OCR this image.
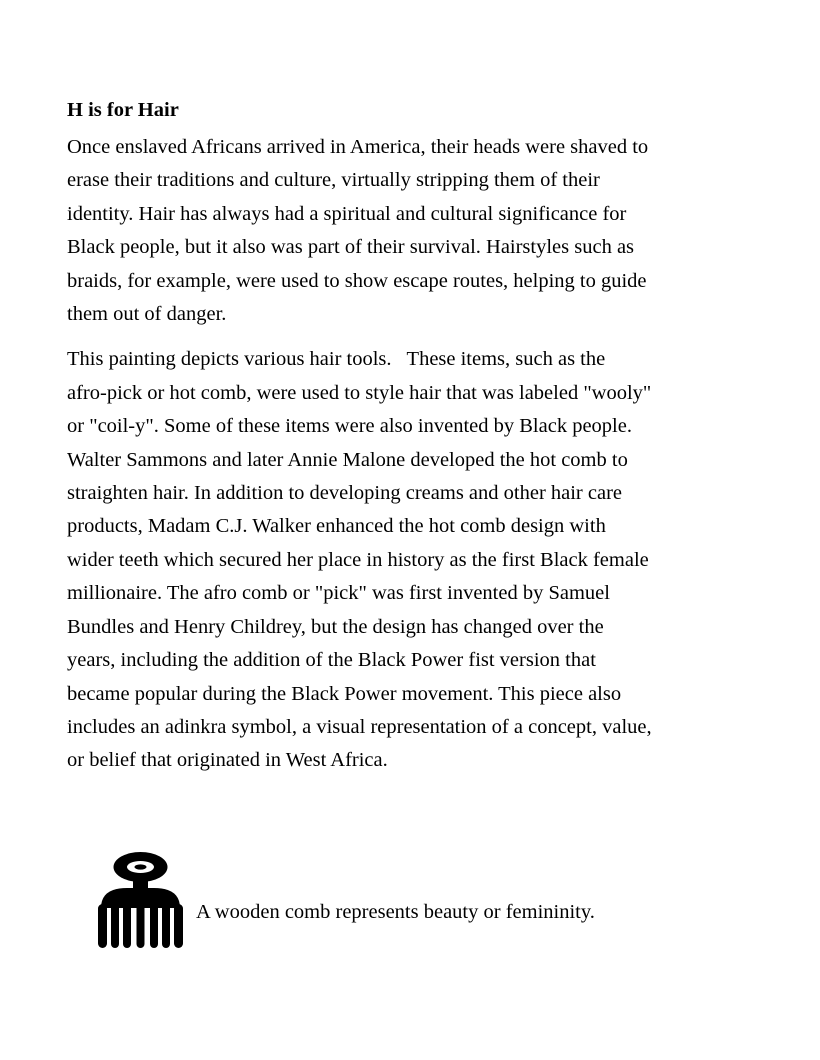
H is for Hair
Once enslaved Africans arrived in America, their heads were shaved to
erase their traditions and culture, virtually stripping them of their
identity. Hair has always had a spiritual and cultural significance for
Black people, but it also was part of their survival. Hairstyles such as
braids, for example, were used to show escape routes, helping to guide
them out of danger.
This painting depicts various hair tools.   These items, such as the
afro-pick or hot comb, were used to style hair that was labeled "wooly"
or "coil-y". Some of these items were also invented by Black people.
Walter Sammons and later Annie Malone developed the hot comb to
straighten hair. In addition to developing creams and other hair care
products, Madam C.J. Walker enhanced the hot comb design with
wider teeth which secured her place in history as the first Black female
millionaire. The afro comb or "pick" was first invented by Samuel
Bundles and Henry Childrey, but the design has changed over the
years, including the addition of the Black Power fist version that
became popular during the Black Power movement. This piece also
includes an adinkra symbol, a visual representation of a concept, value,
or belief that originated in West Africa.
A wooden comb represents beauty or femininity.
